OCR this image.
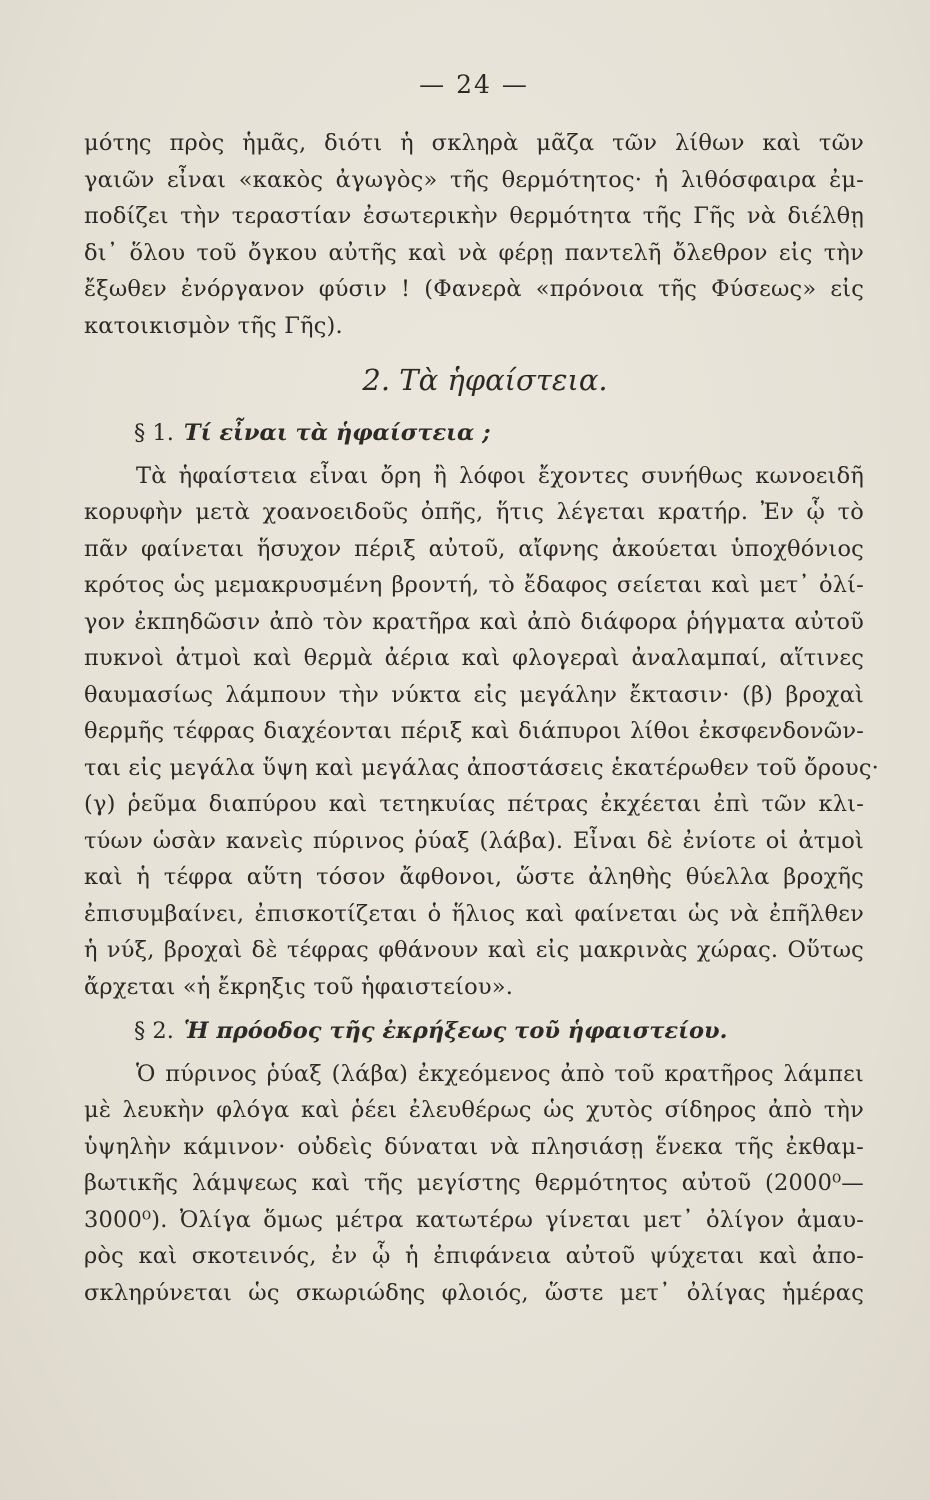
— 24 —
μότης πρὸς ἡμᾶς, διότι ἡ σκληρὰ μᾶζα τῶν λίθων καὶ τῶν
γαιῶν εἶναι «κακὸς ἀγωγὸς» τῆς θερμότητος· ἡ λιθόσφαιρα ἐμ-
ποδίζει τὴν τεραστίαν ἐσωτερικὴν θερμότητα τῆς Γῆς νὰ διέλθῃ
δι᾽ ὅλου τοῦ ὄγκου αὐτῆς καὶ νὰ φέρῃ παντελῆ ὄλεθρον εἰς τὴν
ἔξωθεν ἐνόργανον φύσιν ! (Φανερὰ «πρόνοια τῆς Φύσεως» εἰς
κατοικισμὸν τῆς Γῆς).
2. Τὰ ἡφαίστεια.
§ 1. Τί εἶναι τὰ ἡφαίστεια ;
Τὰ ἡφαίστεια εἶναι ὄρη ἢ λόφοι ἔχοντες συνήθως κωνοειδῆ
κορυφὴν μετὰ χοανοειδοῦς ὀπῆς, ἥτις λέγεται κρατήρ. Ἐν ᾧ τὸ
πᾶν φαίνεται ἥσυχον πέριξ αὐτοῦ, αἴφνης ἀκούεται ὑποχθόνιος
κρότος ὡς μεμακρυσμένη βροντή, τὸ ἔδαφος σείεται καὶ μετ᾽ ὀλί-
γον ἐκπηδῶσιν ἀπὸ τὸν κρατῆρα καὶ ἀπὸ διάφορα ῥήγματα αὐτοῦ
πυκνοὶ ἀτμοὶ καὶ θερμὰ ἀέρια καὶ φλογεραὶ ἀναλαμπαί, αἵτινες
θαυμασίως λάμπουν τὴν νύκτα εἰς μεγάλην ἔκτασιν· (β) βροχαὶ
θερμῆς τέφρας διαχέονται πέριξ καὶ διάπυροι λίθοι ἐκσφενδονῶν-
ται εἰς μεγάλα ὕψη καὶ μεγάλας ἀποστάσεις ἑκατέρωθεν τοῦ ὄρους·
(γ) ῥεῦμα διαπύρου καὶ τετηκυίας πέτρας ἐκχέεται ἐπὶ τῶν κλι-
τύων ὡσὰν κανεὶς πύρινος ῥύαξ (λάβα). Εἶναι δὲ ἐνίοτε οἱ ἀτμοὶ
καὶ ἡ τέφρα αὕτη τόσον ἄφθονοι, ὥστε ἀληθὴς θύελλα βροχῆς
ἐπισυμβαίνει, ἐπισκοτίζεται ὁ ἥλιος καὶ φαίνεται ὡς νὰ ἐπῆλθεν
ἡ νύξ, βροχαὶ δὲ τέφρας φθάνουν καὶ εἰς μακρινὰς χώρας. Οὕτως
ἄρχεται «ἡ ἔκρηξις τοῦ ἡφαιστείου».
§ 2. Ἡ πρόοδος τῆς ἐκρήξεως τοῦ ἡφαιστείου.
Ὁ πύρινος ῥύαξ (λάβα) ἐκχεόμενος ἀπὸ τοῦ κρατῆρος λάμπει
μὲ λευκὴν φλόγα καὶ ῥέει ἐλευθέρως ὡς χυτὸς σίδηρος ἀπὸ τὴν
ὑψηλὴν κάμινον· οὐδεὶς δύναται νὰ πλησιάσῃ ἕνεκα τῆς ἐκθαμ-
βωτικῆς λάμψεως καὶ τῆς μεγίστης θερμότητος αὐτοῦ (2000⁰—
3000⁰). Ὀλίγα ὅμως μέτρα κατωτέρω γίνεται μετ᾽ ὀλίγον ἀμαυ-
ρὸς καὶ σκοτεινός, ἐν ᾧ ἡ ἐπιφάνεια αὐτοῦ ψύχεται καὶ ἀπο-
σκληρύνεται ὡς σκωριώδης φλοιός, ὥστε μετ᾽ ὀλίγας ἡμέρας
